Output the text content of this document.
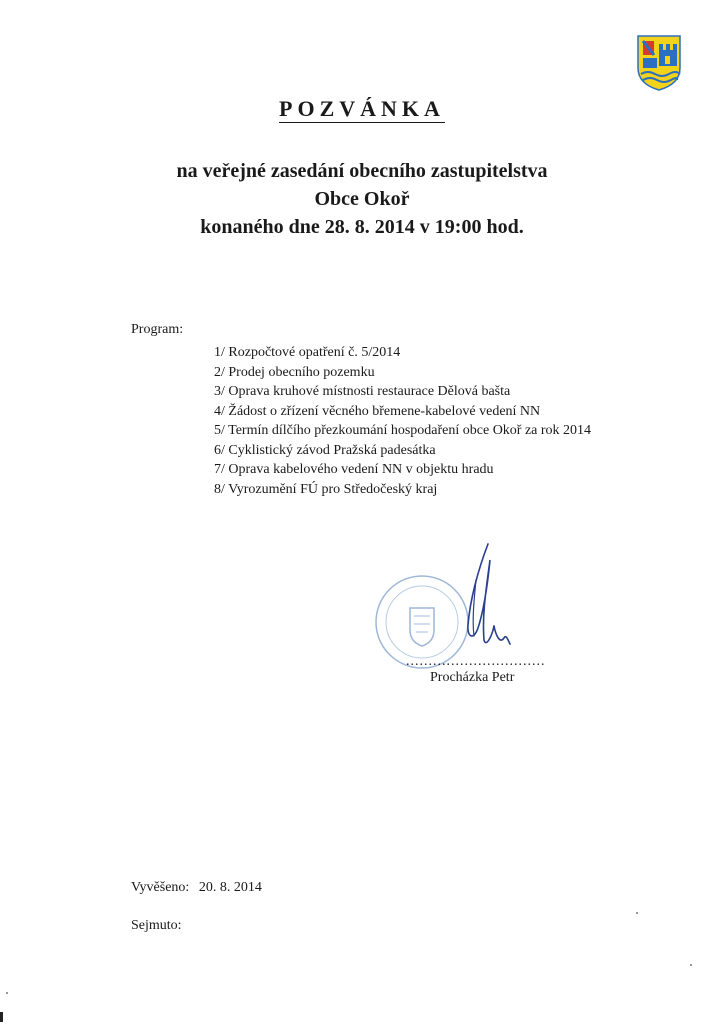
POZVÁNKA
na veřejné zasedání obecního zastupitelstva
Obce Okoř
konaného dne 28. 8. 2014 v 19:00 hod.
Program:
1/ Rozpočtové opatření č. 5/2014
2/ Prodej obecního pozemku
3/ Oprava kruhové místnosti restaurace Dělová bašta
4/ Žádost o zřízení věcného břemene-kabelové vedení NN
5/ Termín dílčího přezkoumání hospodaření obce Okoř za rok 2014
6/ Cyklistický závod Pražská padesátka
7/ Oprava kabelového vedení NN v objektu hradu
8/ Vyrozumění FÚ pro Středočeský kraj
...............................
Procházka Petr
Vyvěšeno: 20. 8. 2014
Sejmuto:
